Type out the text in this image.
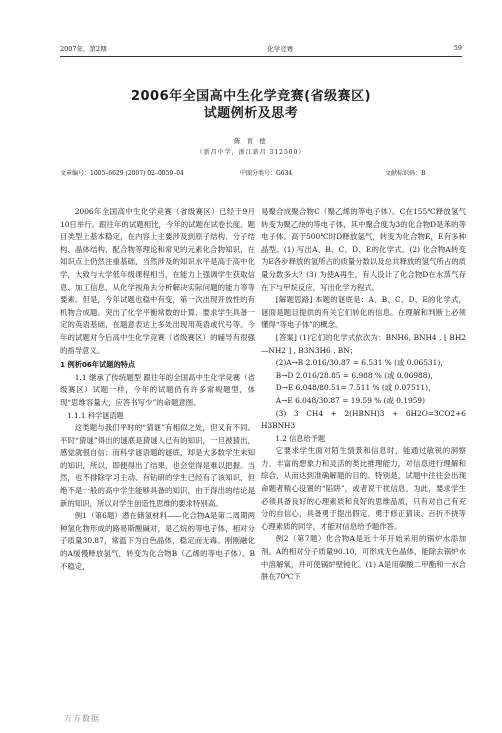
2007年，第2期	化学竞赛	59
2006年全国高中生化学竞赛(省级赛区)
试题例析及思考
陈 育 德
（新昌中学，浙江新昌 312500）
文章编号：1005–6629 (2007) 02–0059–04	中图分类号：G634	文献标识码：B

2006年全国高中生化学竞赛（省级赛区）已经于9月10日举行。跟往年的试题相比，今年的试题在试卷长度、题目类型上基本稳定，在内容上主要涉及到原子结构、分子结构、晶体结构、配合物等理论和常见的元素化合物知识，在知识点上仍然注重基础，当然涉及的知识水平是高于高中化学，大致与大学低年级课程相当，在能力上强调学生获取信息、加工信息、从化学视角去分析解决实际问题的能力等等要素。但是，今年试题也稳中有变，第一次出现开放性的有机物合成题、突出了化学平衡常数的计算、要求学生具备一定的英语基础，在题意表达上多处出现用英语或代号等。今年的试题对今后高中生化学竞赛（省级赛区）的辅导有很强的指导意义。

1 例析06年试题的特点

1.1 继承了传统题型 跟往年的全国高中生化学竞赛（省级赛区）试题一样，今年的试题仍有许多常规题型，体现“思维容量大，应答书写少”的命题意图。

1.1.1 科学谜语题

这类题与我们平时的“猜谜”有相似之处，但又有不同。平时“猜谜”得出的谜底是猜谜人已有的知识，一旦被猜出，感觉就很自信；而科学谜语题的谜底，却是大多数学生未知的知识，所以，即便得出了结果，也会觉得是难以把握。当然，也不排除学习主动、有钻研的学生已经有了该知识，但绝不是一般的高中学生能够具备的知识，由于得出的结论是新的知识，所以对学生创造性思维的要求特别高。

例1（第6题）潜在储氢材料——化合物A是第二周期两种氢化物形成的路易斯酸碱对，是乙烷的等电子体，相对分子质量30.87，常温下为白色晶体，稳定而无毒。刚刚融化的A缓慢释放氢气，转变为化合物B（乙烯的等电子体）。B不稳定，

易聚合成聚合物C（聚乙烯的等电子体）。C在155℃释放氢气转变为聚乙炔的等电子体，其中聚合度为3的化合物D是苯的等电子体。高于500℃时D释放氢气，转变为化合物E，E有多种晶型。(1) 写出A、B、C、D、E的化学式。(2) 化合物A转变为E各步释放的氢所占的质量分数以及总共释放的氢气所占的质量分数多大？(3) 为使A再生，有人设计了化合物D在水蒸气存在下与甲烷反应，写出化学方程式。

[解题思路] 本题的谜底是：A、B、C、D、E的化学式，谜面是题目提供的有关它们转化的信息。在理解和判断上必须懂得“等电子体”的概念。

[答案] (1)它们的化学式依次为：BNH6, BNH4 , [ BH2—NH2 ] , B3N3H6 , BN；

(2)A→B 2.016/30.87 = 6.531 % (或 0.06531)，

B→D 2.016/28.85 = 6.988 % (或 0.06988)，

D→E 6.048/80.51= 7.511 % (或 0.07511)，

A→E 6.048/30.87 = 19.59 % (或 0.1959)

(3) 3 CH4 + 2(HBNH)3 + 6H2O=3CO2+6 H3BNH3

1.2 信息给予题

它要求学生面对陌生情景和信息时，能通过敏锐的洞察力、丰富的想象力和灵活的类比推理能力，对信息进行理解和综合，从而达到准确解题的目的。特别是，试题中往往会出现命题者精心设置的“陷阱”，或者说干扰信息。为此，要求学生必须具备良好的心理素质和良好的思维品质，只有对自己有充分的自信心，具备勇于提出假定、勇于修正猜读、百折不挠等心理素质的同学，才能对信息给予题作答。

例2（第7题）化合物A是近十年开始采用的锅炉水添加剂。A的相对分子质量90.10，可形成无色晶体，能除去锅炉水中溶解氧，并可使锅炉壁钝化。(1) A是用碳酸二甲酯和一水合肼在70℃下

万方数据
